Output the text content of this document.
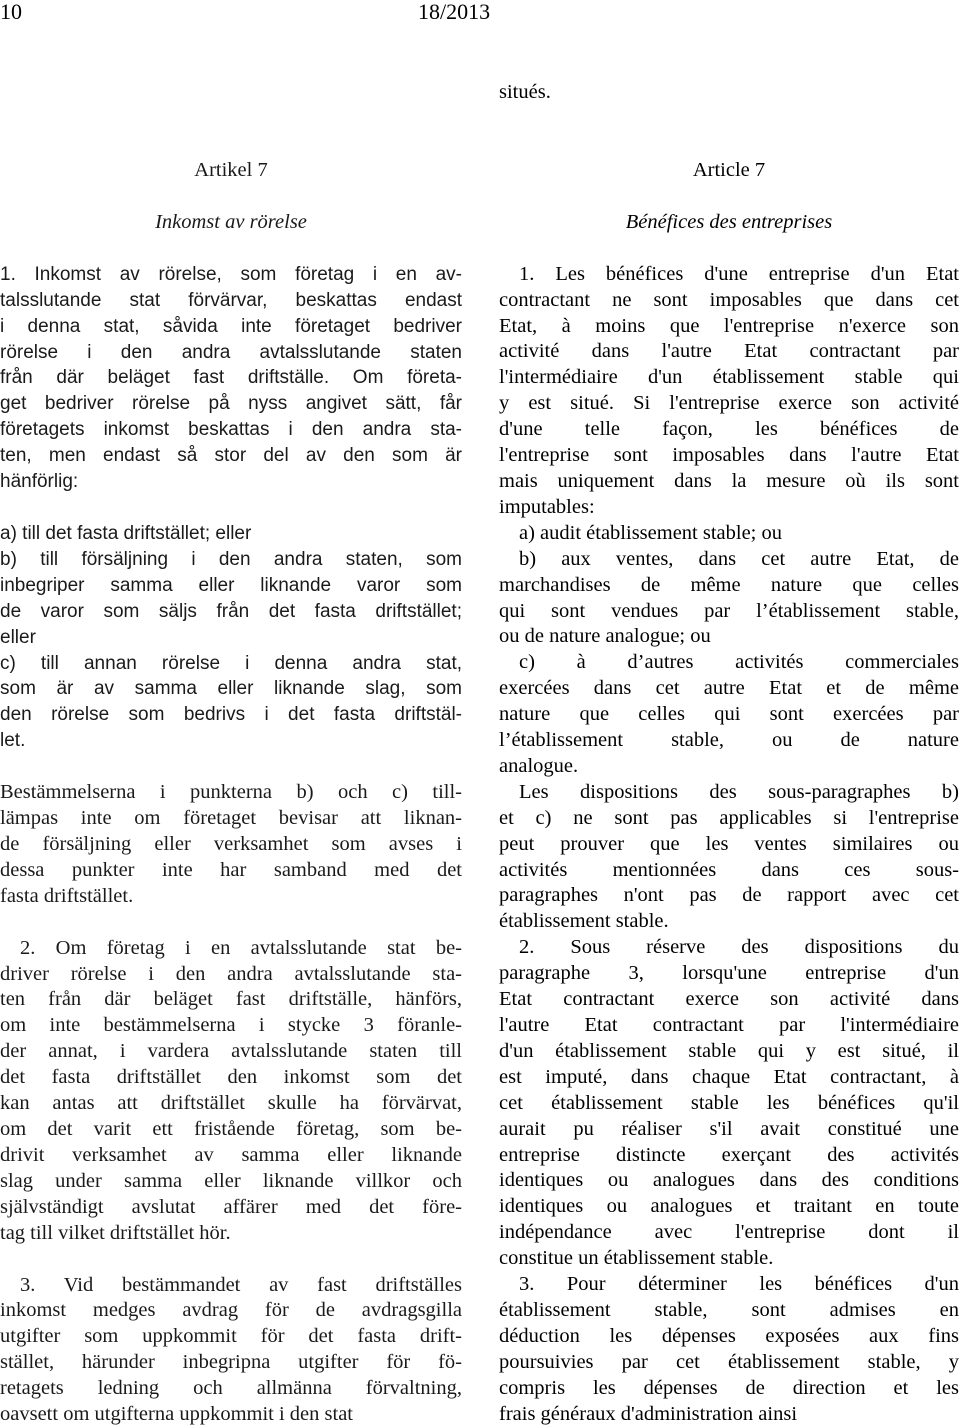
10	18/2013

Artikel 7

Inkomst av rörelse

1. Inkomst av rörelse, som företag i en av-

talsslutande stat förvärvar, beskattas endast

i denna stat, såvida inte företaget bedriver

rörelse i den andra avtalsslutande staten

från där beläget fast driftställe. Om företa-

get bedriver rörelse på nyss angivet sätt, får

företagets inkomst beskattas i den andra sta-

ten, men endast så stor del av den som är

hänförlig:

a) till det fasta driftstället; eller

b) till försäljning i den andra staten, som

inbegriper samma eller liknande varor som

de varor som säljs från det fasta driftstället;

eller

c) till annan rörelse i denna andra stat,

som är av samma eller liknande slag, som

den rörelse som bedrivs i det fasta driftstäl-

let.

Bestämmelserna i punkterna b) och c) till-

lämpas inte om företaget bevisar att liknan-

de försäljning eller verksamhet som avses i

dessa punkter inte har samband med det

fasta driftstället.

2. Om företag i en avtalsslutande stat be-

driver rörelse i den andra avtalsslutande sta-

ten från där beläget fast driftställe, hänförs,

om inte bestämmelserna i stycke 3 föranle-

der annat, i vardera avtalsslutande staten till

det fasta driftstället den inkomst som det

kan antas att driftstället skulle ha förvärvat,

om det varit ett fristående företag, som be-

drivit verksamhet av samma eller liknande

slag under samma eller liknande villkor och

självständigt avslutat affärer med det före-

tag till vilket driftstället hör.

3. Vid bestämmandet av fast driftställes

inkomst medges avdrag för de avdragsgilla

utgifter som uppkommit för det fasta drift-

stället, härunder inbegripna utgifter för fö-

retagets ledning och allmänna förvaltning,

oavsett om utgifterna uppkommit i den stat

situés.

Article 7

Bénéfices des entreprises

1. Les bénéfices d'une entreprise d'un Etat

contractant ne sont imposables que dans cet

Etat, à moins que l'entreprise n'exerce son

activité dans l'autre Etat contractant par

l'intermédiaire d'un établissement stable qui

y est situé. Si l'entreprise exerce son activité

d'une telle façon, les bénéfices de

l'entreprise sont imposables dans l'autre Etat

mais uniquement dans la mesure où ils sont

imputables:

a) audit établissement stable; ou

b) aux ventes, dans cet autre Etat, de

marchandises de même nature que celles

qui sont vendues par l’établissement stable,

ou de nature analogue; ou

c) à d’autres activités commerciales

exercées dans cet autre Etat et de même

nature que celles qui sont exercées par

l’établissement stable, ou de nature

analogue.

Les dispositions des sous-paragraphes b)

et c) ne sont pas applicables si l'entreprise

peut prouver que les ventes similaires ou

activités mentionnées dans ces sous-

paragraphes n'ont pas de rapport avec cet

établissement stable.

2. Sous réserve des dispositions du

paragraphe 3, lorsqu'une entreprise d'un

Etat contractant exerce son activité dans

l'autre Etat contractant par l'intermédiaire

d'un établissement stable qui y est situé, il

est imputé, dans chaque Etat contractant, à

cet établissement stable les bénéfices qu'il

aurait pu réaliser s'il avait constitué une

entreprise distincte exerçant des activités

identiques ou analogues dans des conditions

identiques ou analogues et traitant en toute

indépendance avec l'entreprise dont il

constitue un établissement stable.

3. Pour déterminer les bénéfices d'un

établissement stable, sont admises en

déduction les dépenses exposées aux fins

poursuivies par cet établissement stable, y

compris les dépenses de direction et les

frais généraux d'administration ainsi
